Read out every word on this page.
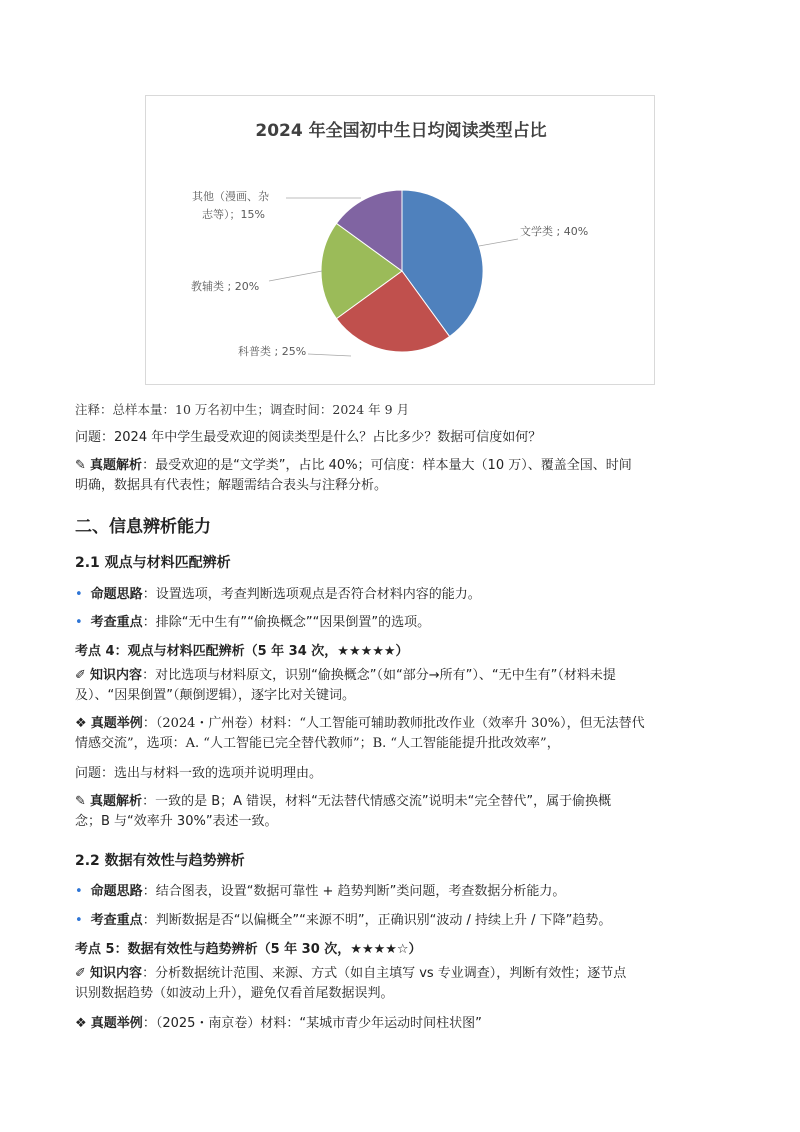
2024 年全国初中生日均阅读类型占比
文学类 ; 40%
科普类 ; 25%
教辅类 ; 20%
其他（漫画、杂
志等）；15%
注释：总样本量：10 万名初中生；调查时间：2024 年 9 月
问题：2024 年中学生最受欢迎的阅读类型是什么？占比多少？数据可信度如何？
✎ 真题解析：最受欢迎的是“文学类”，占比 40%；可信度：样本量大（10 万）、覆盖全国、时间
明确，数据具有代表性；解题需结合表头与注释分析。
二、信息辨析能力
2.1 观点与材料匹配辨析
• 命题思路：设置选项，考查判断选项观点是否符合材料内容的能力。
• 考查重点：排除“无中生有”“偷换概念”“因果倒置”的选项。
考点 4：观点与材料匹配辨析（5 年 34 次，★★★★★）
✐ 知识内容：对比选项与材料原文，识别“偷换概念”（如“部分→所有”）、“无中生有”（材料未提
及）、“因果倒置”（颠倒逻辑），逐字比对关键词。
❖ 真题举例：（2024・广州卷）材料：“人工智能可辅助教师批改作业（效率升 30%），但无法替代
情感交流”，选项：A. “人工智能已完全替代教师”；B. “人工智能能提升批改效率”，
问题：选出与材料一致的选项并说明理由。
✎ 真题解析：一致的是 B；A 错误，材料“无法替代情感交流”说明未“完全替代”，属于偷换概
念；B 与“效率升 30%”表述一致。
2.2 数据有效性与趋势辨析
• 命题思路：结合图表，设置“数据可靠性 + 趋势判断”类问题，考查数据分析能力。
• 考查重点：判断数据是否“以偏概全”“来源不明”，正确识别“波动 / 持续上升 / 下降”趋势。
考点 5：数据有效性与趋势辨析（5 年 30 次，★★★★☆）
✐ 知识内容：分析数据统计范围、来源、方式（如自主填写 vs 专业调查），判断有效性；逐节点
识别数据趋势（如波动上升），避免仅看首尾数据误判。
❖ 真题举例：（2025・南京卷）材料：“某城市青少年运动时间柱状图”
